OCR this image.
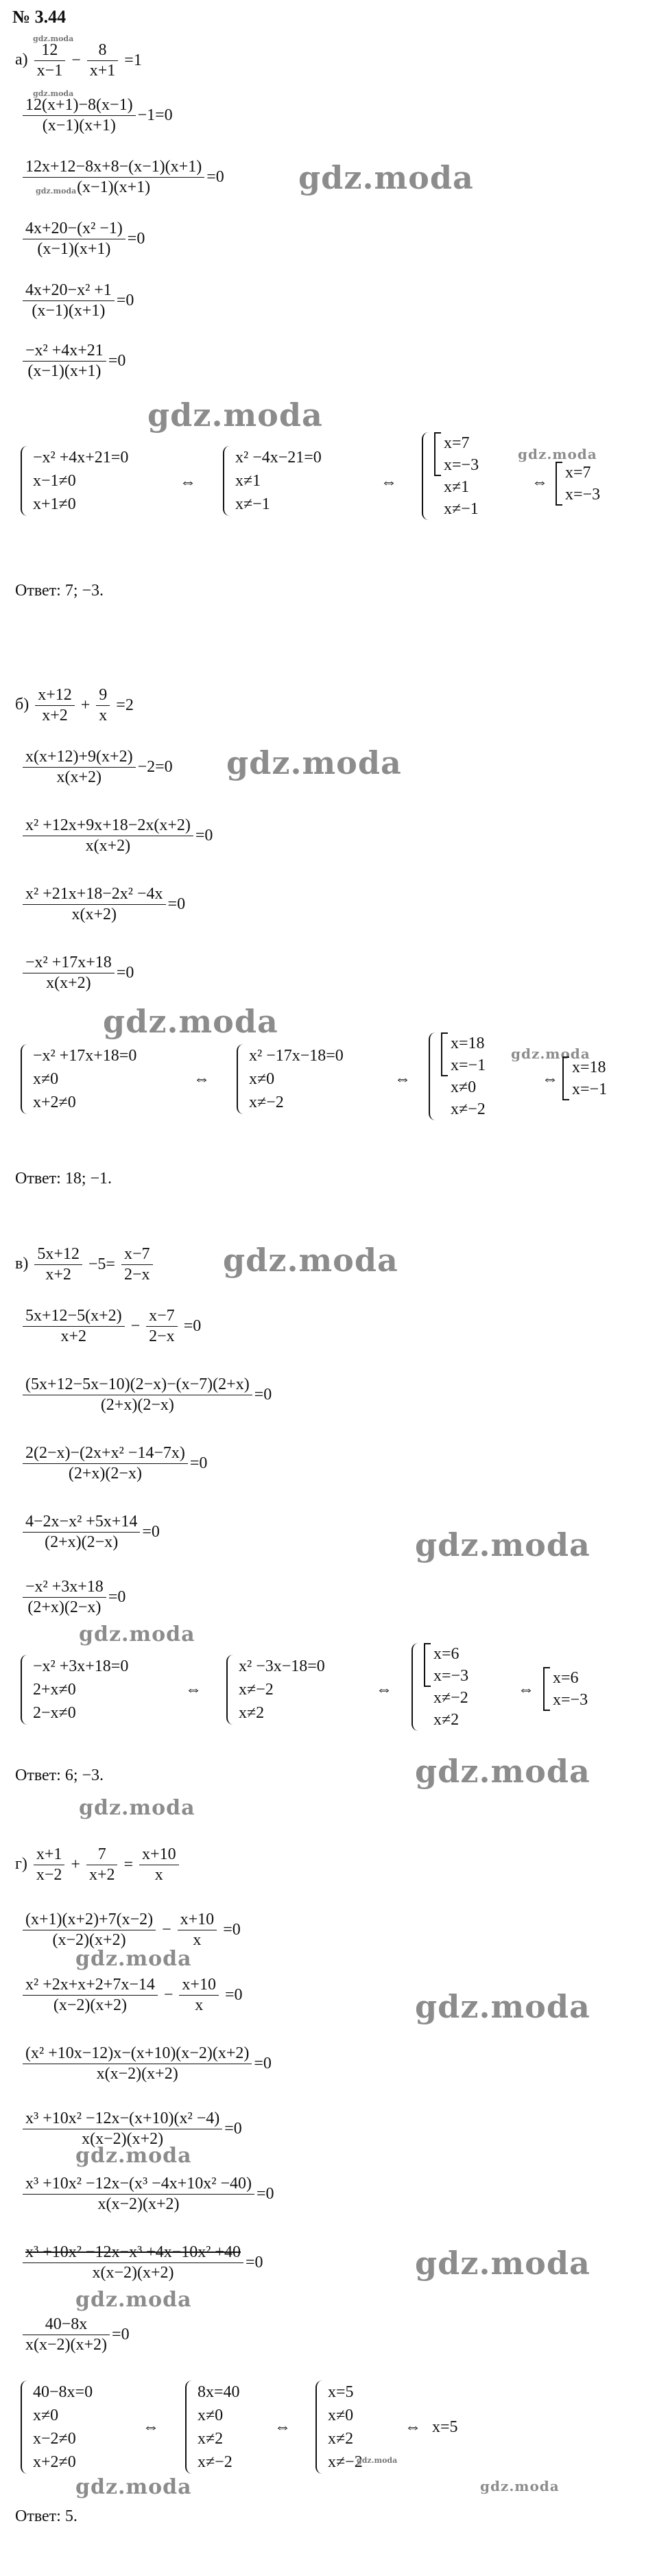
№ 3.44
gdz.moda
$а) \frac{12}{x-1} - \frac{8}{x+1} =1$
gdz.moda
$\frac{12(x+1)-8(x-1)}{(x-1)(x+1)} -1=0$
$\frac{12x+12-8x+8-(x-1)(x+1)}{(x-1)(x+1)} =0$
gdz.moda	gdz.moda
$\frac{\text{4x+20−(x² −1)}}{(x-1)(x+1)} =0$
$\frac{\text{4x+20−x² +1}}{(x-1)(x+1)} =0$
$\frac{\text{−x² +4x+21}}{(x-1)(x+1)} =0$
gdz.moda
−x² +4x+21=0
x−1≠0
x+1≠0
⇔
x² −4x−21=0
x≠1
x≠−1
⇔
x=7
x=−3
x≠1
x≠−1
gdz.moda
⇔
x=7
x=−3
Ответ: 7; −3.
$б) \frac{x+12}{x+2} + \frac{9}{x} =2$
$\frac{x(x+12)+9(x+2)}{x(x+2)} -2=0$ gdz.moda
$\frac{\text{x² +12x+9x+18−2x(x+2)}}{x(x+2)} =0$
$\frac{\text{x² +21x+18−2x² −4x}}{x(x+2)} =0$
$\frac{\text{−x² +17x+18}}{x(x+2)} =0$
gdz.moda
−x² +17x+18=0
x≠0
x+2≠0
⇔
x² −17x−18=0
x≠0
x≠−2
⇔
x=18
x=−1
x≠0
x≠−2
gdz.moda
⇔
x=18
x=−1
Ответ: 18; −1.
$в) \frac{5x+12}{x+2} -5= \frac{x-7}{2-x}$ gdz.moda
$\frac{5x+12-5(x+2)}{x+2} - \frac{x-7}{2-x} =0$
$\frac{(5x+12-5x-10)(2-x)-(x-7)(2+x)}{(2+x)(2-x)} =0$
$\frac{\text{2(2−x)−(2x+x² −14−7x)}}{(2+x)(2-x)} =0$
$\frac{\text{4−2x−x² +5x+14}}{(2+x)(2-x)} =0$	gdz.moda
$\frac{\text{−x² +3x+18}}{(2+x)(2-x)} =0$
gdz.moda
−x² +3x+18=0
2+x≠0
2−x≠0
⇔
x² −3x−18=0
x≠−2
x≠2
⇔
x=6
x=−3
x≠−2
x≠2
⇔
x=6
x=−3
Ответ: 6; −3.	gdz.moda
gdz.moda
$г) \frac{x+1}{x-2} + \frac{7}{x+2} = \frac{x+10}{x}$
$\frac{(x+1)(x+2)+7(x-2)}{(x-2)(x+2)} - \frac{x+10}{x} =0$
gdz.moda
$\frac{\text{x² +2x+x+2+7x−14}}{(x-2)(x+2)} - \frac{x+10}{x} =0$	gdz.moda
$\frac{\text{(x² +10x−12)x−(x+10)(x−2)(x+2)}}{x(x-2)(x+2)} =0$
$\frac{\text{x³ +10x² −12x−(x+10)(x² −4)}}{x(x-2)(x+2)} =0$
gdz.moda
$\frac{\text{x³ +10x² −12x−(x³ −4x+10x² −40)}}{x(x-2)(x+2)} =0$
$\frac{\text{x³ +10x² −12x−x³ +4x−10x² +40}}{x(x-2)(x+2)} =0$	gdz.moda
gdz.moda
$\frac{40-8x}{x(x-2)(x+2)} =0$
40−8x=0
x≠0
x−2≠0
x+2≠0
⇔
8x=40
x≠0
x≠2
x≠−2
⇔
x=5
x≠0
x≠2
x≠−2
⇔ x=5
gdz.moda
gdz.moda	gdz.moda
Ответ: 5.
